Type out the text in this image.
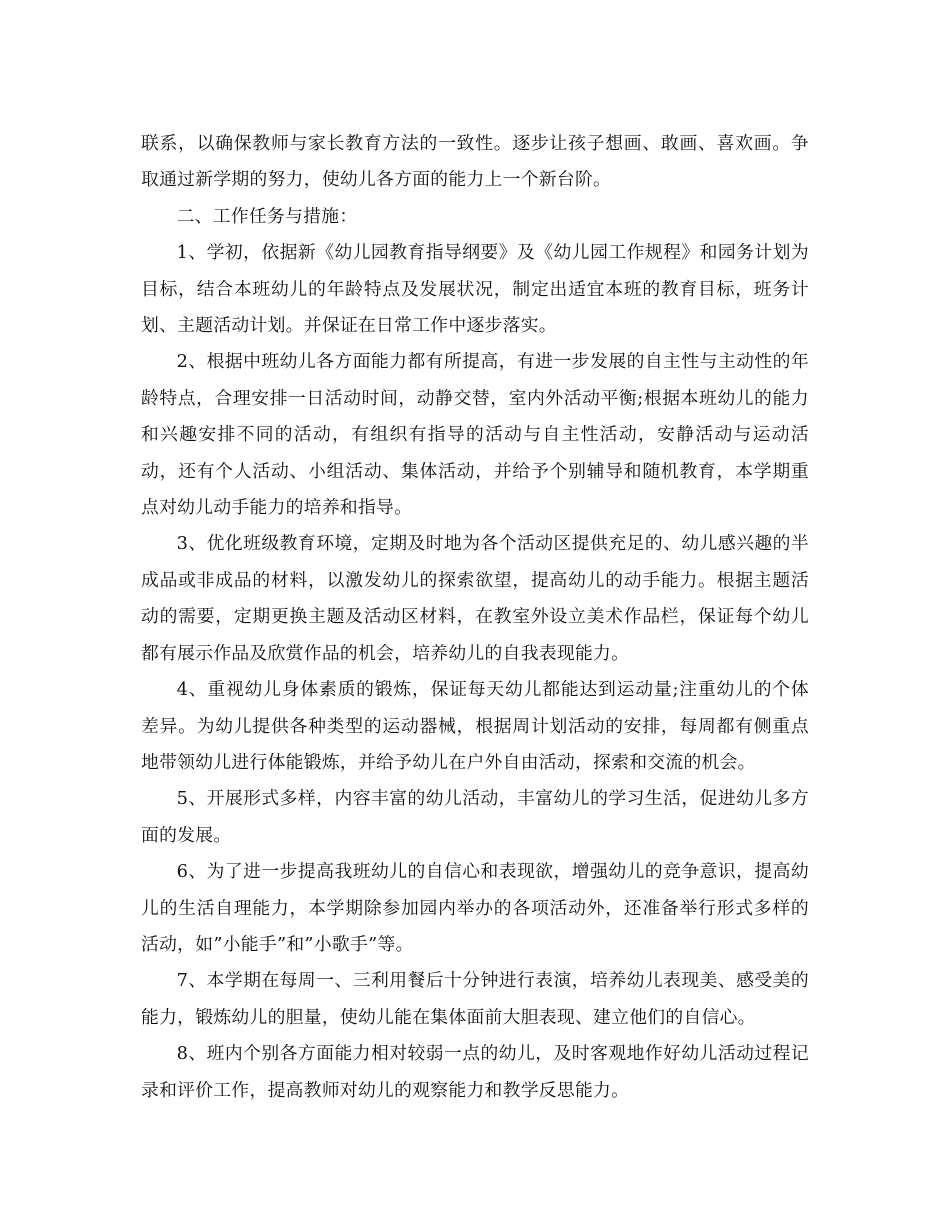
联系，以确保教师与家长教育方法的一致性。逐步让孩子想画、敢画、喜欢画。争取通过新学期的努力，使幼儿各方面的能力上一个新台阶。

二、工作任务与措施：

1、学初，依据新《幼儿园教育指导纲要》及《幼儿园工作规程》和园务计划为目标，结合本班幼儿的年龄特点及发展状况，制定出适宜本班的教育目标，班务计划、主题活动计划。并保证在日常工作中逐步落实。

2、根据中班幼儿各方面能力都有所提高，有进一步发展的自主性与主动性的年龄特点，合理安排一日活动时间，动静交替，室内外活动平衡;根据本班幼儿的能力和兴趣安排不同的活动，有组织有指导的活动与自主性活动，安静活动与运动活动，还有个人活动、小组活动、集体活动，并给予个别辅导和随机教育，本学期重点对幼儿动手能力的培养和指导。

3、优化班级教育环境，定期及时地为各个活动区提供充足的、幼儿感兴趣的半成品或非成品的材料，以激发幼儿的探索欲望，提高幼儿的动手能力。根据主题活动的需要，定期更换主题及活动区材料，在教室外设立美术作品栏，保证每个幼儿都有展示作品及欣赏作品的机会，培养幼儿的自我表现能力。

4、重视幼儿身体素质的锻炼，保证每天幼儿都能达到运动量;注重幼儿的个体差异。为幼儿提供各种类型的运动器械，根据周计划活动的安排，每周都有侧重点地带领幼儿进行体能锻炼，并给予幼儿在户外自由活动，探索和交流的机会。

5、开展形式多样，内容丰富的幼儿活动，丰富幼儿的学习生活，促进幼儿多方面的发展。

6、为了进一步提高我班幼儿的自信心和表现欲，增强幼儿的竞争意识，提高幼儿的生活自理能力，本学期除参加园内举办的各项活动外，还准备举行形式多样的活动，如”小能手”和”小歌手”等。

7、本学期在每周一、三利用餐后十分钟进行表演，培养幼儿表现美、感受美的能力，锻炼幼儿的胆量，使幼儿能在集体面前大胆表现、建立他们的自信心。

8、班内个别各方面能力相对较弱一点的幼儿，及时客观地作好幼儿活动过程记录和评价工作，提高教师对幼儿的观察能力和教学反思能力。
